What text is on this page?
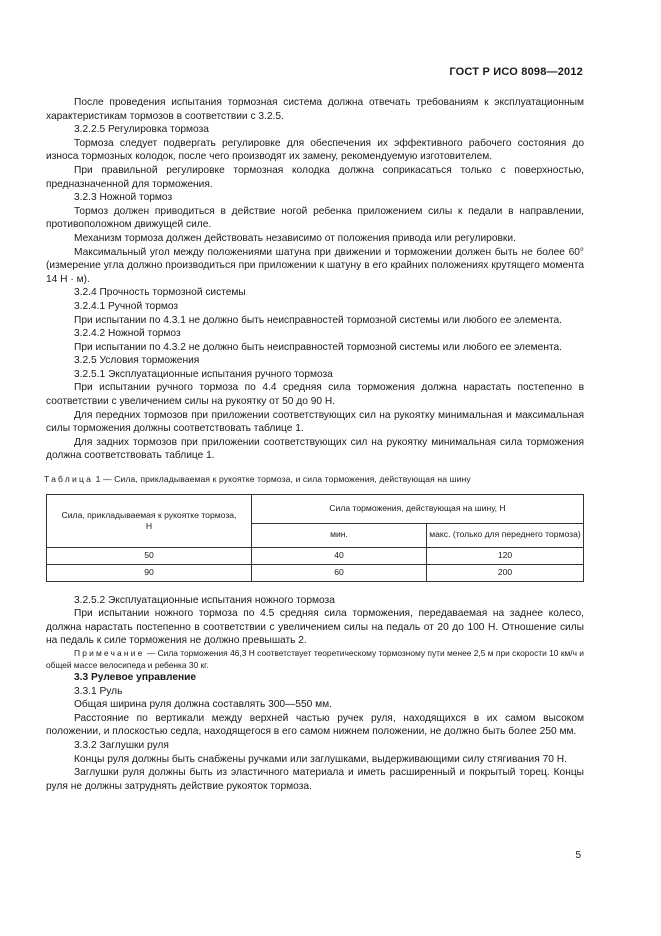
ГОСТ Р ИСО 8098—2012

После проведения испытания тормозная система должна отвечать требованиям к эксплуатационным характеристикам тормозов в соответствии с 3.2.5.

3.2.2.5 Регулировка тормоза

Тормоза следует подвергать регулировке для обеспечения их эффективного рабочего состояния до износа тормозных колодок, после чего производят их замену, рекомендуемую изготовителем.

При правильной регулировке тормозная колодка должна соприкасаться только с поверхностью, предназначенной для торможения.

3.2.3 Ножной тормоз

Тормоз должен приводиться в действие ногой ребенка приложением силы к педали в направлении, противоположном движущей силе.

Механизм тормоза должен действовать независимо от положения привода или регулировки.

Максимальный угол между положениями шатуна при движении и торможении должен быть не более 60° (измерение угла должно производиться при приложении к шатуну в его крайних положениях крутящего момента 14 Н · м).

3.2.4 Прочность тормозной системы

3.2.4.1 Ручной тормоз

При испытании по 4.3.1 не должно быть неисправностей тормозной системы или любого ее элемента.

3.2.4.2 Ножной тормоз

При испытании по 4.3.2 не должно быть неисправностей тормозной системы или любого ее элемента.

3.2.5 Условия торможения

3.2.5.1 Эксплуатационные испытания ручного тормоза

При испытании ручного тормоза по 4.4 средняя сила торможения должна нарастать постепенно в соответствии с увеличением силы на рукоятку от 50 до 90 Н.

Для передних тормозов при приложении соответствующих сил на рукоятку минимальная и максимальная силы торможения должны соответствовать таблице 1.

Для задних тормозов при приложении соответствующих сил на рукоятку минимальная сила торможения должна соответствовать таблице 1.

Таблица 1 — Сила, прикладываемая к рукоятке тормоза, и сила торможения, действующая на шину
Сила, прикладываемая к рукоятке тормоза, Н	Сила торможения, действующая на шину, Н	
	мин.	макс. (только для переднего тормоза)
50	40	120
90	60	200

3.2.5.2 Эксплуатационные испытания ножного тормоза

При испытании ножного тормоза по 4.5 средняя сила торможения, передаваемая на заднее колесо, должна нарастать постепенно в соответствии с увеличением силы на педаль от 20 до 100 Н. Отношение силы на педаль к силе торможения не должно превышать 2.

Примечание — Сила торможения 46,3 Н соответствует теоретическому тормозному пути менее 2,5 м при скорости 10 км/ч и общей массе велосипеда и ребенка 30 кг.

3.3 Рулевое управление

3.3.1 Руль

Общая ширина руля должна составлять 300—550 мм.

Расстояние по вертикали между верхней частью ручек руля, находящихся в их самом высоком положении, и плоскостью седла, находящегося в его самом нижнем положении, не должно быть более 250 мм.

3.3.2 Заглушки руля

Концы руля должны быть снабжены ручками или заглушками, выдерживающими силу стягивания 70 Н.

Заглушки руля должны быть из эластичного материала и иметь расширенный и покрытый торец. Концы руля не должны затруднять действие рукояток тормоза.

5
